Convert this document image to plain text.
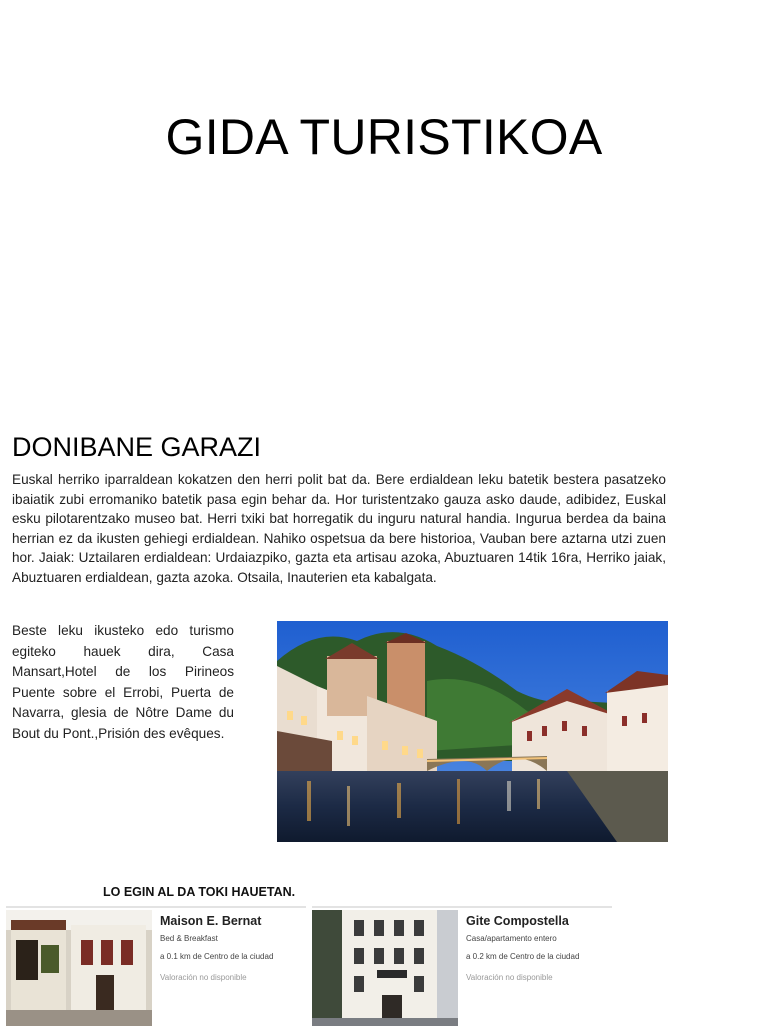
GIDA TURISTIKOA
DONIBANE GARAZI

Euskal herriko iparraldean kokatzen den herri polit bat da. Bere erdialdean leku batetik bestera pasatzeko ibaiatik zubi erromaniko batetik pasa egin behar da. Hor turistentzako gauza asko daude, adibidez, Euskal esku pilotarentzako museo bat. Herri txiki bat horregatik du inguru natural handia. Ingurua berdea da baina herrian ez da ikusten gehiegi erdialdean. Nahiko ospetsua da bere historioa, Vauban bere aztarna utzi zuen hor. Jaiak: Uztailaren erdialdean: Urdaiazpiko, gazta eta artisau azoka, Abuztuaren 14tik 16ra, Herriko jaiak, Abuztuaren erdialdean, gazta azoka. Otsaila, Inauterien eta kabalgata.

Beste leku ikusteko edo turismo egiteko hauek dira, Casa Mansart,Hotel de los Pirineos Puente sobre el Errobi, Puerta de Navarra, glesia de Nôtre Dame du Bout du Pont.,Prisión des evêques.

LO EGIN AL DA TOKI HAUETAN.

Maison E. Bernat

Bed & Breakfast

a 0.1 km de Centro de la ciudad

Valoración no disponible

Gite Compostella

Casa/apartamento entero

a 0.2 km de Centro de la ciudad

Valoración no disponible
